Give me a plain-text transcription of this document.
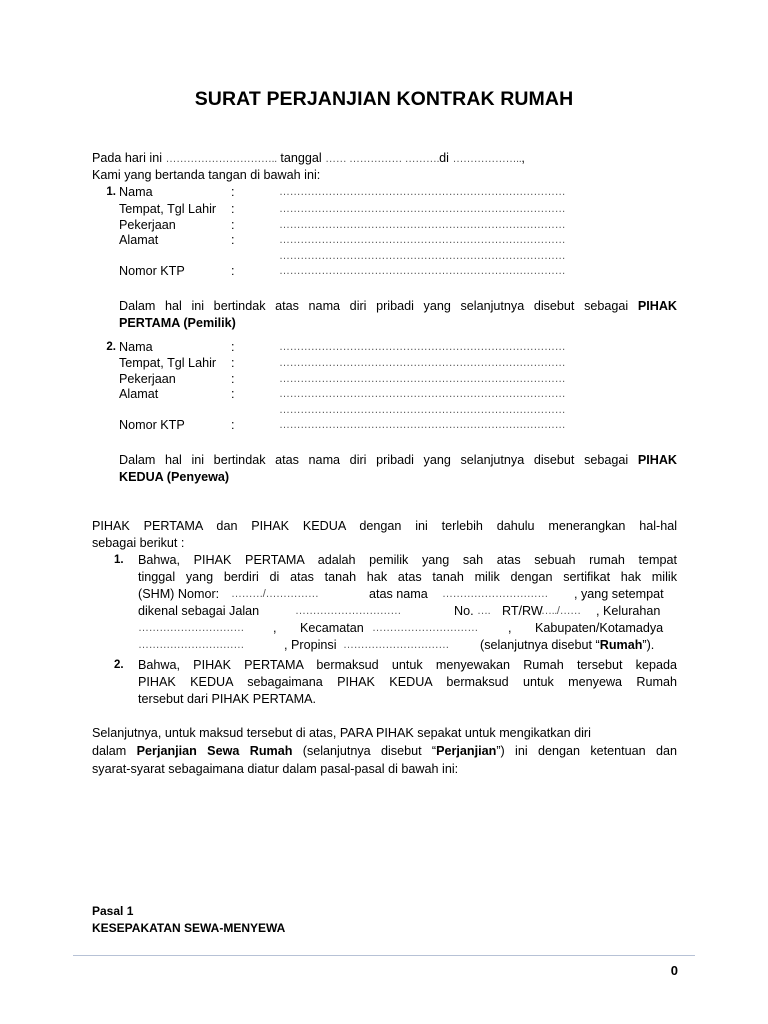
SURAT PERJANJIAN KONTRAK RUMAH
Pada hari ini ………………………….. tanggal …… …………… ……….di ………………..,
Kami yang bertanda tangan di bawah ini:
1. Nama	:	………………………………………………………………………
Tempat, Tgl Lahir :	………………………………………………………………………
Pekerjaan	:	………………………………………………………………………
Alamat	:	………………………………………………………………………
………………………………………………………………………
Nomor KTP	:	………………………………………………………………………
Dalam hal ini bertindak atas nama diri pribadi yang selanjutnya disebut sebagai PIHAK
PERTAMA (Pemilik)
2. Nama	:	………………………………………………………………………
Tempat, Tgl Lahir :	………………………………………………………………………
Pekerjaan	:	………………………………………………………………………
Alamat	:	………………………………………………………………………
………………………………………………………………………
Nomor KTP	:	………………………………………………………………………
Dalam hal ini bertindak atas nama diri pribadi yang selanjutnya disebut sebagai PIHAK
KEDUA (Penyewa)
PIHAK PERTAMA dan PIHAK KEDUA dengan ini terlebih dahulu menerangkan hal-hal
sebagai berikut :
1. Bahwa, PIHAK PERTAMA adalah pemilik yang sah atas sebuah rumah tempat
tinggal yang berdiri di atas tanah hak atas tanah milik dengan sertifikat hak milik
(SHM) Nomor: ………/……………	atas nama ………………………… , yang setempat
dikenal sebagai Jalan	…………………………	No. …. RT/RW
…../…… , Kelurahan
………………………… , Kecamatan ………………………… , Kabupaten/Kotamadya
…………………………	, Propinsi ………………………… (selanjutnya disebut “Rumah”).
2. Bahwa, PIHAK PERTAMA bermaksud untuk menyewakan Rumah tersebut kepada
PIHAK KEDUA sebagaimana PIHAK KEDUA bermaksud untuk menyewa Rumah
tersebut dari PIHAK PERTAMA.
Selanjutnya, untuk maksud tersebut di atas, PARA PIHAK sepakat untuk mengikatkan diri
dalam Perjanjian Sewa Rumah (selanjutnya disebut “Perjanjian”) ini dengan ketentuan dan
syarat-syarat sebagaimana diatur dalam pasal-pasal di bawah ini:
Pasal 1
KESEPAKATAN SEWA-MENYEWA
0
